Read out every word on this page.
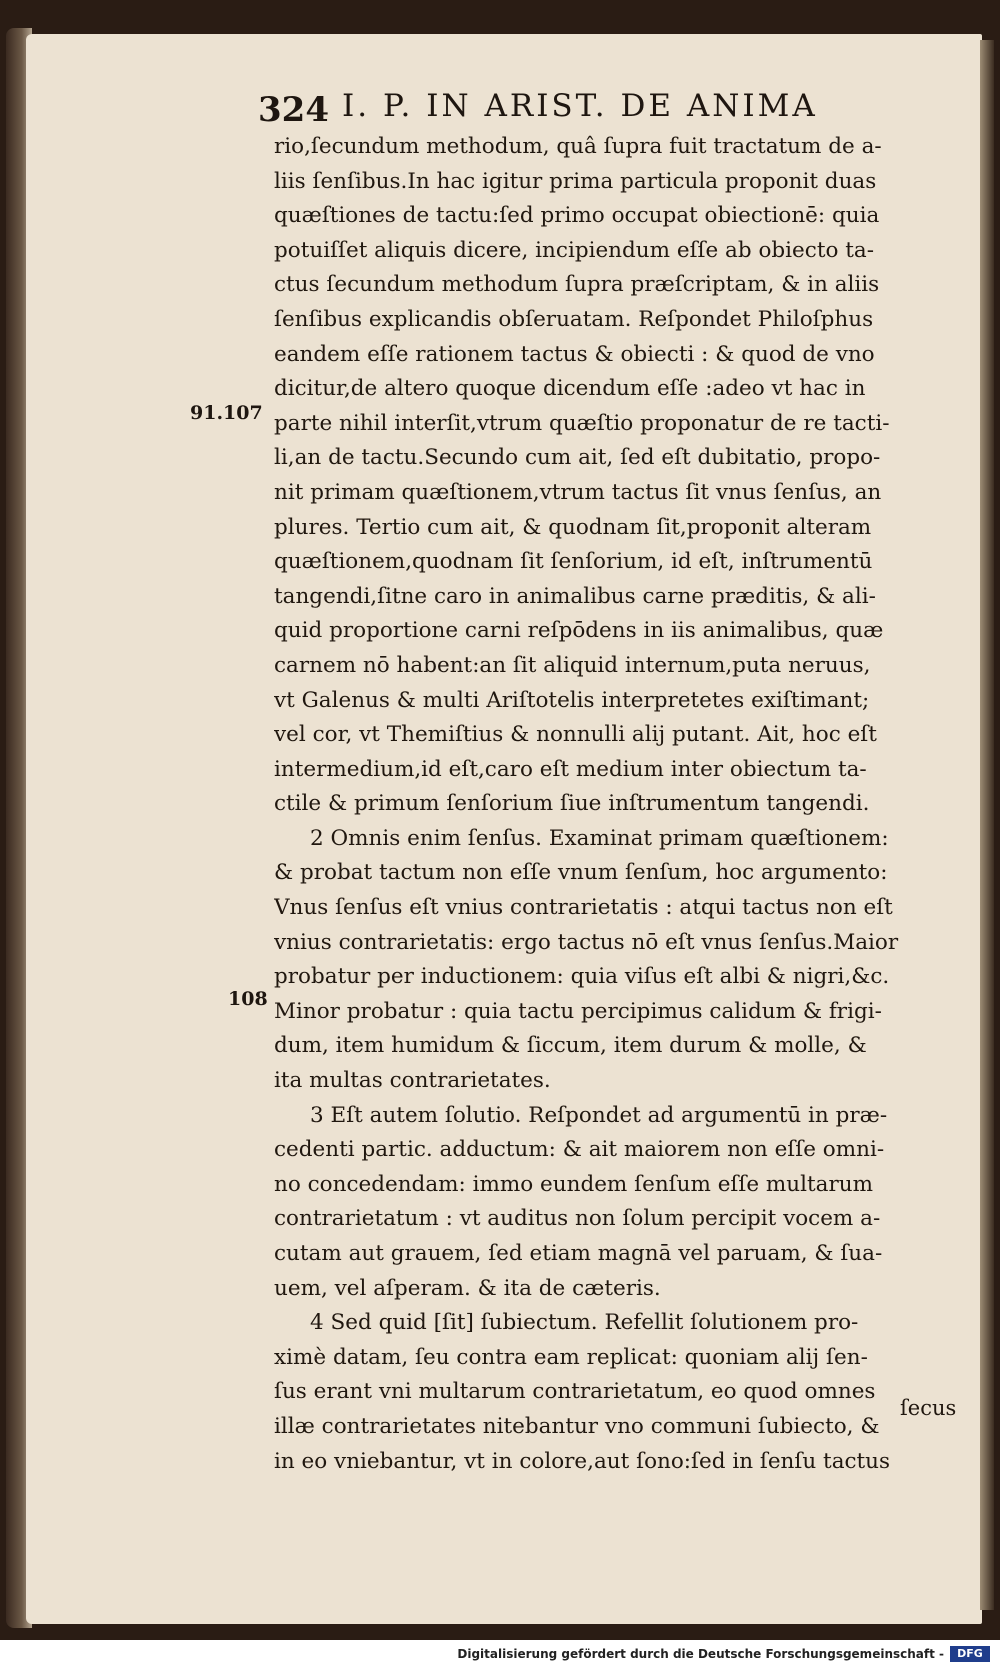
324 I. P. IN ARIST. DE ANIMA
91.107
108
rio,ſecundum methodum, quâ ſupra fuit tractatum de a-
liis ſenſibus.In hac igitur prima particula proponit duas
quæſtiones de tactu:ſed primo occupat obiectionē: quia
potuiſſet aliquis dicere, incipiendum eſſe ab obiecto ta-
ctus ſecundum methodum ſupra præſcriptam, & in aliis
ſenſibus explicandis obſeruatam. Reſpondet Philoſphus
eandem eſſe rationem tactus & obiecti : & quod de vno
dicitur,de altero quoque dicendum eſſe :adeo vt hac in
parte nihil interſit,vtrum quæſtio proponatur de re tacti-
li,an de tactu.Secundo cum ait, ſed eſt dubitatio, propo-
nit primam quæſtionem,vtrum tactus ſit vnus ſenſus, an
plures. Tertio cum ait, & quodnam ſit,proponit alteram
quæſtionem,quodnam ſit ſenſorium, id eſt, inſtrumentū
tangendi,ſitne caro in animalibus carne præditis, & ali-
quid proportione carni reſpōdens in iis animalibus, quæ
carnem nō habent:an ſit aliquid internum,puta neruus,
vt Galenus & multi Ariſtotelis interpretetes exiſtimant;
vel cor, vt Themiſtius & nonnulli alij putant. Ait, hoc eſt
intermedium,id eſt,caro eſt medium inter obiectum ta-
ctile & primum ſenſorium ſiue inſtrumentum tangendi.
2 Omnis enim ſenſus. Examinat primam quæſtionem:
& probat tactum non eſſe vnum ſenſum, hoc argumento:
Vnus ſenſus eſt vnius contrarietatis : atqui tactus non eſt
vnius contrarietatis: ergo tactus nō eſt vnus ſenſus.Maior
probatur per inductionem: quia viſus eſt albi & nigri,&c.
Minor probatur : quia tactu percipimus calidum & frigi-
dum, item humidum & ſiccum, item durum & molle, &
ita multas contrarietates.
3 Eſt autem ſolutio. Reſpondet ad argumentū in præ-
cedenti partic. adductum: & ait maiorem non eſſe omni-
no concedendam: immo eundem ſenſum eſſe multarum
contrarietatum : vt auditus non ſolum percipit vocem a-
cutam aut grauem, ſed etiam magnā vel paruam, & ſua-
uem, vel aſperam. & ita de cæteris.
4 Sed quid [ſit] ſubiectum. Refellit ſolutionem pro-
ximè datam, ſeu contra eam replicat: quoniam alij ſen-
ſus erant vni multarum contrarietatum, eo quod omnes
illæ contrarietates nitebantur vno communi ſubiecto, &
in eo vniebantur, vt in colore,aut ſono:ſed in ſenſu tactus
ſecus
Digitalisierung gefördert durch die Deutsche Forschungsgemeinschaft -	DFG
